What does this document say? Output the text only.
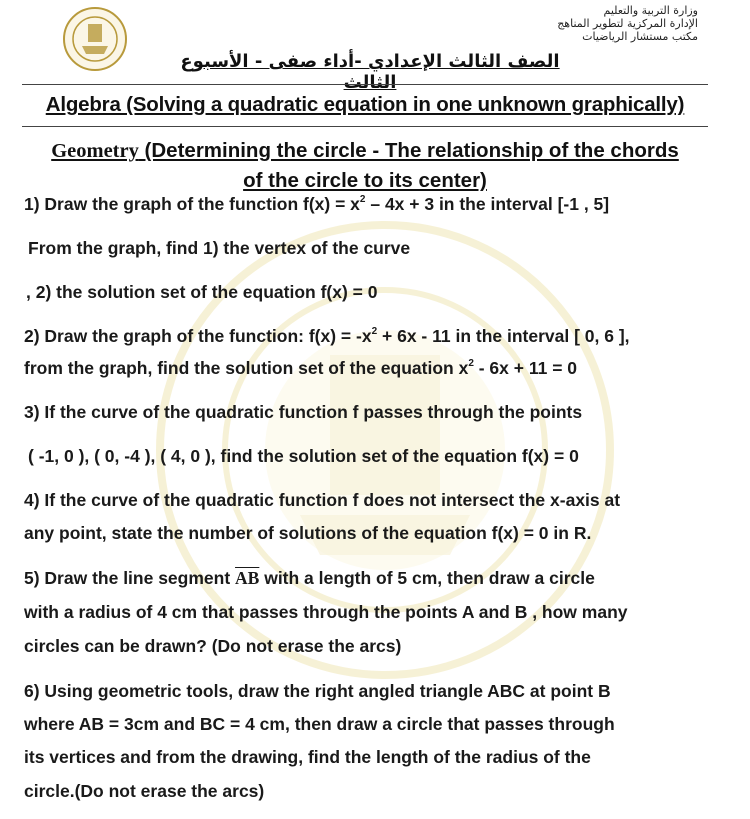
وزارة التربية والتعليم
الإدارة المركزية لتطوير المناهج
مكتب مستشار الرياضيات
الصف الثالث الإعدادي -أداء صفى - الأسبوع الثالث
Algebra (Solving a quadratic equation in one unknown graphically)
Geometry (Determining the circle - The relationship of the chords
of the circle to its center)
1) Draw the graph of the function $f(x) = x^2 - 4x + 3$ in the interval [-1 , 5]
From the graph, find 1) the vertex of the curve
, 2) the solution set of the equation f(x) = 0
2) Draw the graph of the function: $f(x) = -x^2 + 6x - 11$ in the interval [ 0, 6 ],
from the graph, find the solution set of the equation $x^2 - 6x + 11 = 0$
3) If the curve of the quadratic function f passes through the points
( -1, 0 ), ( 0, -4 ), ( 4, 0 ), find the solution set of the equation f(x) = 0
4) If the curve of the quadratic function f does not intersect the x-axis at
any point, state the number of solutions of the equation f(x) = 0 in R.
5) Draw the line segment $\overline{AB}$ with a length of 5 cm, then draw a circle
with a radius of 4 cm that passes through the points A and B , how many
circles can be drawn? (Do not erase the arcs)
6) Using geometric tools, draw the right angled triangle ABC at point B
where AB = 3cm and BC = 4 cm, then draw a circle that passes through
its vertices and from the drawing, find the length of the radius of the
circle.(Do not erase the arcs)
